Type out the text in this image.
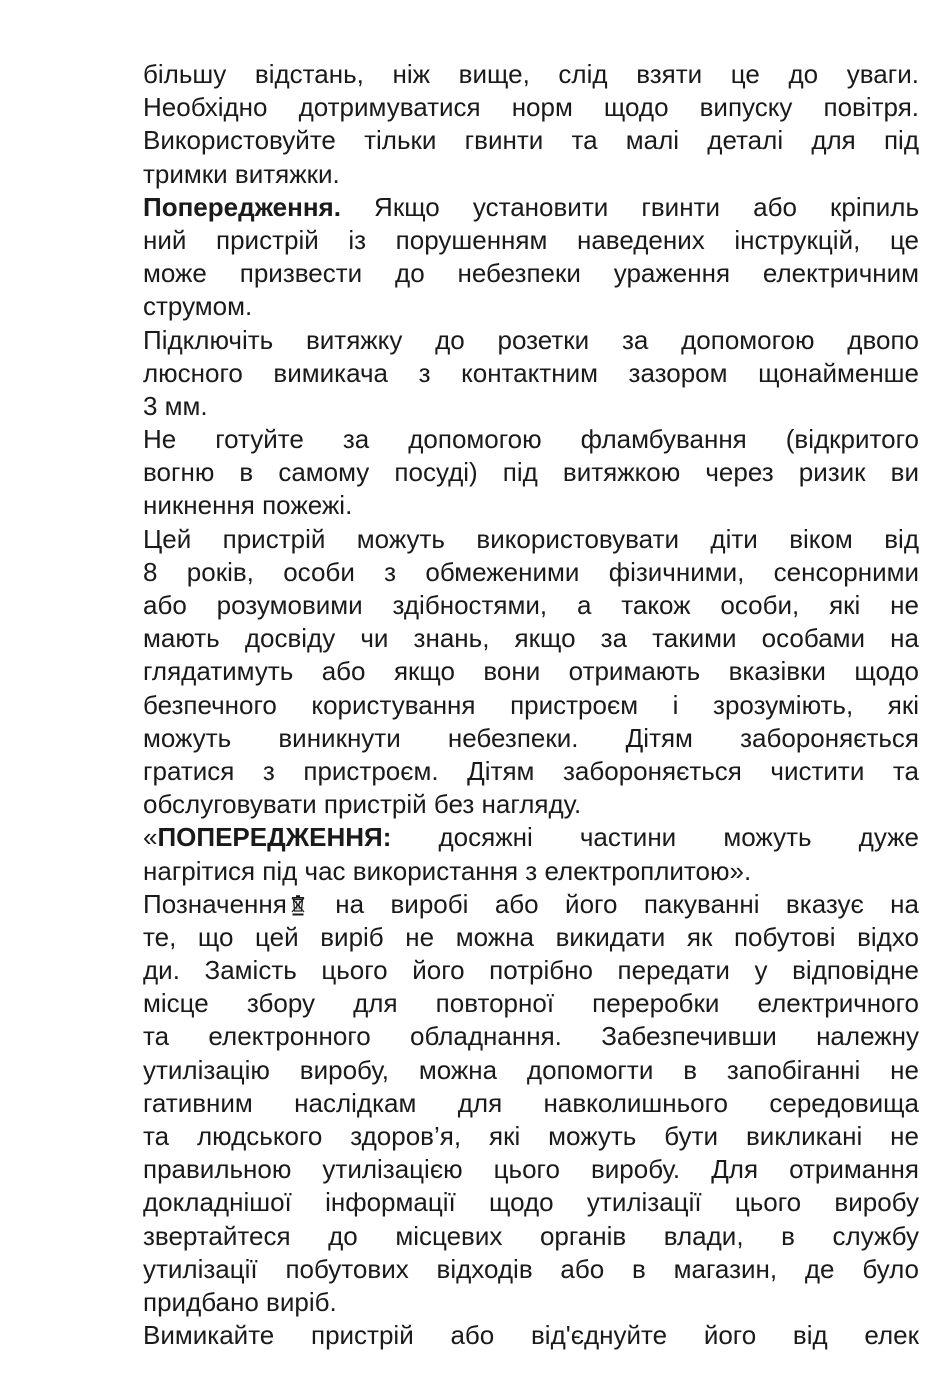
більшу відстань, ніж вище, слід взяти це до уваги.
Необхідно дотримуватися норм щодо випуску повітря.
Використовуйте тільки гвинти та малі деталі для під
тримки витяжки.
Попередження. Якщо установити гвинти або кріпиль
ний пристрій із порушенням наведених інструкцій, це
може призвести до небезпеки ураження електричним
струмом.
Підключіть витяжку до розетки за допомогою двопо
люсного вимикача з контактним зазором щонайменше
3 мм.
Не готуйте за допомогою фламбування (відкритого
вогню в самому посуді) під витяжкою через ризик ви
никнення пожежі.
Цей пристрій можуть використовувати діти віком від
8 років, особи з обмеженими фізичними, сенсорними
або розумовими здібностями, а також особи, які не
мають досвіду чи знань, якщо за такими особами на
глядатимуть або якщо вони отримають вказівки щодо
безпечного користування пристроєм і зрозуміють, які
можуть виникнути небезпеки. Дітям забороняється
гратися з пристроєм. Дітям забороняється чистити та
обслуговувати пристрій без нагляду.
«ПОПЕРЕДЖЕННЯ: досяжні частини можуть дуже
нагрітися під час використання з електроплитою».
Позначення
на виробі або його пакуванні вказує на
те, що цей виріб не можна викидати як побутові відхо
ди. Замість цього його потрібно передати у відповідне
місце збору для повторної переробки електричного
та електронного обладнання. Забезпечивши належну
утилізацію виробу, можна допомогти в запобіганні не
гативним наслідкам для навколишнього середовища
та людського здоров’я, які можуть бути викликані не
правильною утилізацією цього виробу. Для отримання
докладнішої інформації щодо утилізації цього виробу
звертайтеся до місцевих органів влади, в службу
утилізації побутових відходів або в магазин, де було
придбано виріб.
Вимикайте пристрій або від'єднуйте його від елек
